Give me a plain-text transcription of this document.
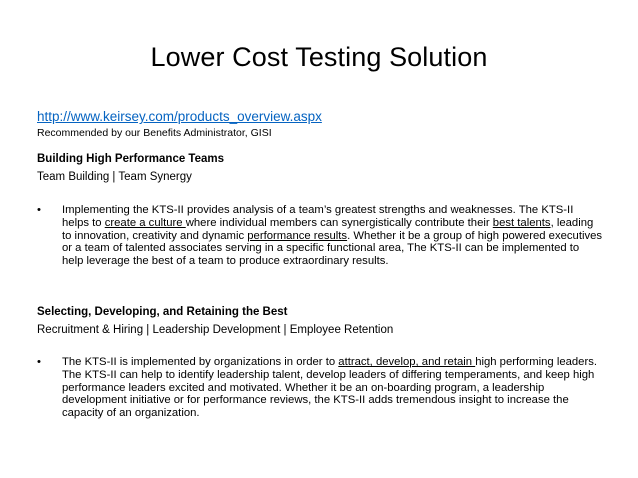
Lower Cost Testing Solution
http://www.keirsey.com/products_overview.aspx
Recommended by our Benefits Administrator, GISI
Building High Performance Teams
Team Building | Team Synergy
• Implementing the KTS-II provides analysis of a team’s greatest strengths and weaknesses. The KTS-II helps to create a culture where individual members can synergistically contribute their best talents, leading to innovation, creativity and dynamic performance results. Whether it be a group of high powered executives or a team of talented associates serving in a specific functional area, The KTS-II can be implemented to help leverage the best of a team to produce extraordinary results.
Selecting, Developing, and Retaining the Best
Recruitment & Hiring | Leadership Development | Employee Retention
• The KTS-II is implemented by organizations in order to attract, develop, and retain high performing leaders. The KTS-II can help to identify leadership talent, develop leaders of differing temperaments, and keep high performance leaders excited and motivated. Whether it be an on-boarding program, a leadership development initiative or for performance reviews, the KTS-II adds tremendous insight to increase the capacity of an organization.
